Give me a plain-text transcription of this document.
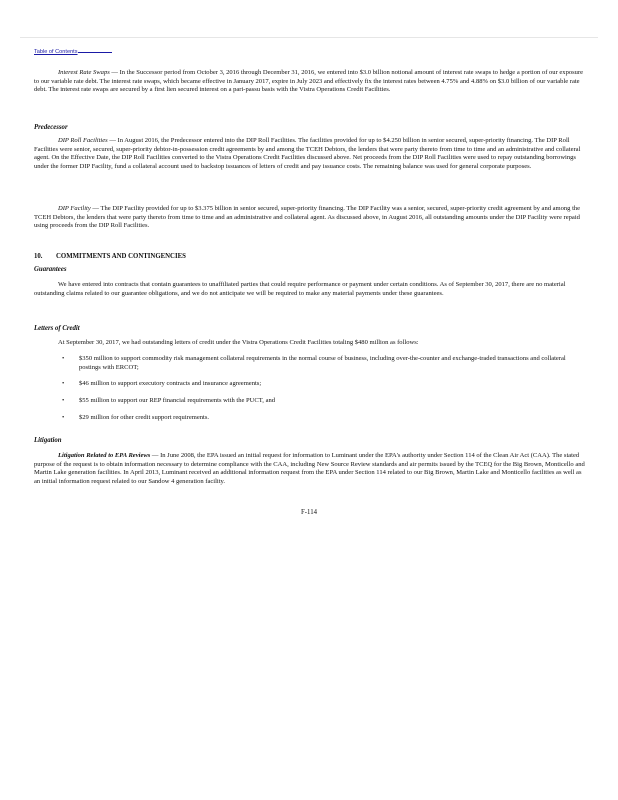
Table of Contents

Interest Rate Swaps — In the Successor period from October 3, 2016 through December 31, 2016, we entered into $3.0 billion notional amount of interest rate swaps to hedge a portion of our exposure to our variable rate debt. The interest rate swaps, which became effective in January 2017, expire in July 2023 and effectively fix the interest rates between 4.75% and 4.88% on $3.0 billion of our variable rate debt. The interest rate swaps are secured by a first lien secured interest on a pari-passu basis with the Vistra Operations Credit Facilities.

Predecessor

DIP Roll Facilities — In August 2016, the Predecessor entered into the DIP Roll Facilities. The facilities provided for up to $4.250 billion in senior secured, super-priority financing. The DIP Roll Facilities were senior, secured, super-priority debtor-in-possession credit agreements by and among the TCEH Debtors, the lenders that were party thereto from time to time and an administrative and collateral agent. On the Effective Date, the DIP Roll Facilities converted to the Vistra Operations Credit Facilities discussed above. Net proceeds from the DIP Roll Facilities were used to repay outstanding borrowings under the former DIP Facility, fund a collateral account used to backstop issuances of letters of credit and pay issuance costs. The remaining balance was used for general corporate purposes.

DIP Facility — The DIP Facility provided for up to $3.375 billion in senior secured, super-priority financing. The DIP Facility was a senior, secured, super-priority credit agreement by and among the TCEH Debtors, the lenders that were party thereto from time to time and an administrative and collateral agent. As discussed above, in August 2016, all outstanding amounts under the DIP Facility were repaid using proceeds from the DIP Roll Facilities.

10. COMMITMENTS AND CONTINGENCIES

Guarantees

We have entered into contracts that contain guarantees to unaffiliated parties that could require performance or payment under certain conditions. As of September 30, 2017, there are no material outstanding claims related to our guarantee obligations, and we do not anticipate we will be required to make any material payments under these guarantees.

Letters of Credit

At September 30, 2017, we had outstanding letters of credit under the Vistra Operations Credit Facilities totaling $480 million as follows:

• $350 million to support commodity risk management collateral requirements in the normal course of business, including over-the-counter and exchange-traded transactions and collateral postings with ERCOT;
• $46 million to support executory contracts and insurance agreements;
• $55 million to support our REP financial requirements with the PUCT, and
• $29 million for other credit support requirements.

Litigation

Litigation Related to EPA Reviews — In June 2008, the EPA issued an initial request for information to Luminant under the EPA's authority under Section 114 of the Clean Air Act (CAA). The stated purpose of the request is to obtain information necessary to determine compliance with the CAA, including New Source Review standards and air permits issued by the TCEQ for the Big Brown, Monticello and Martin Lake generation facilities. In April 2013, Luminant received an additional information request from the EPA under Section 114 related to our Big Brown, Martin Lake and Monticello facilities as well as an initial information request related to our Sandow 4 generation facility.

F-114
